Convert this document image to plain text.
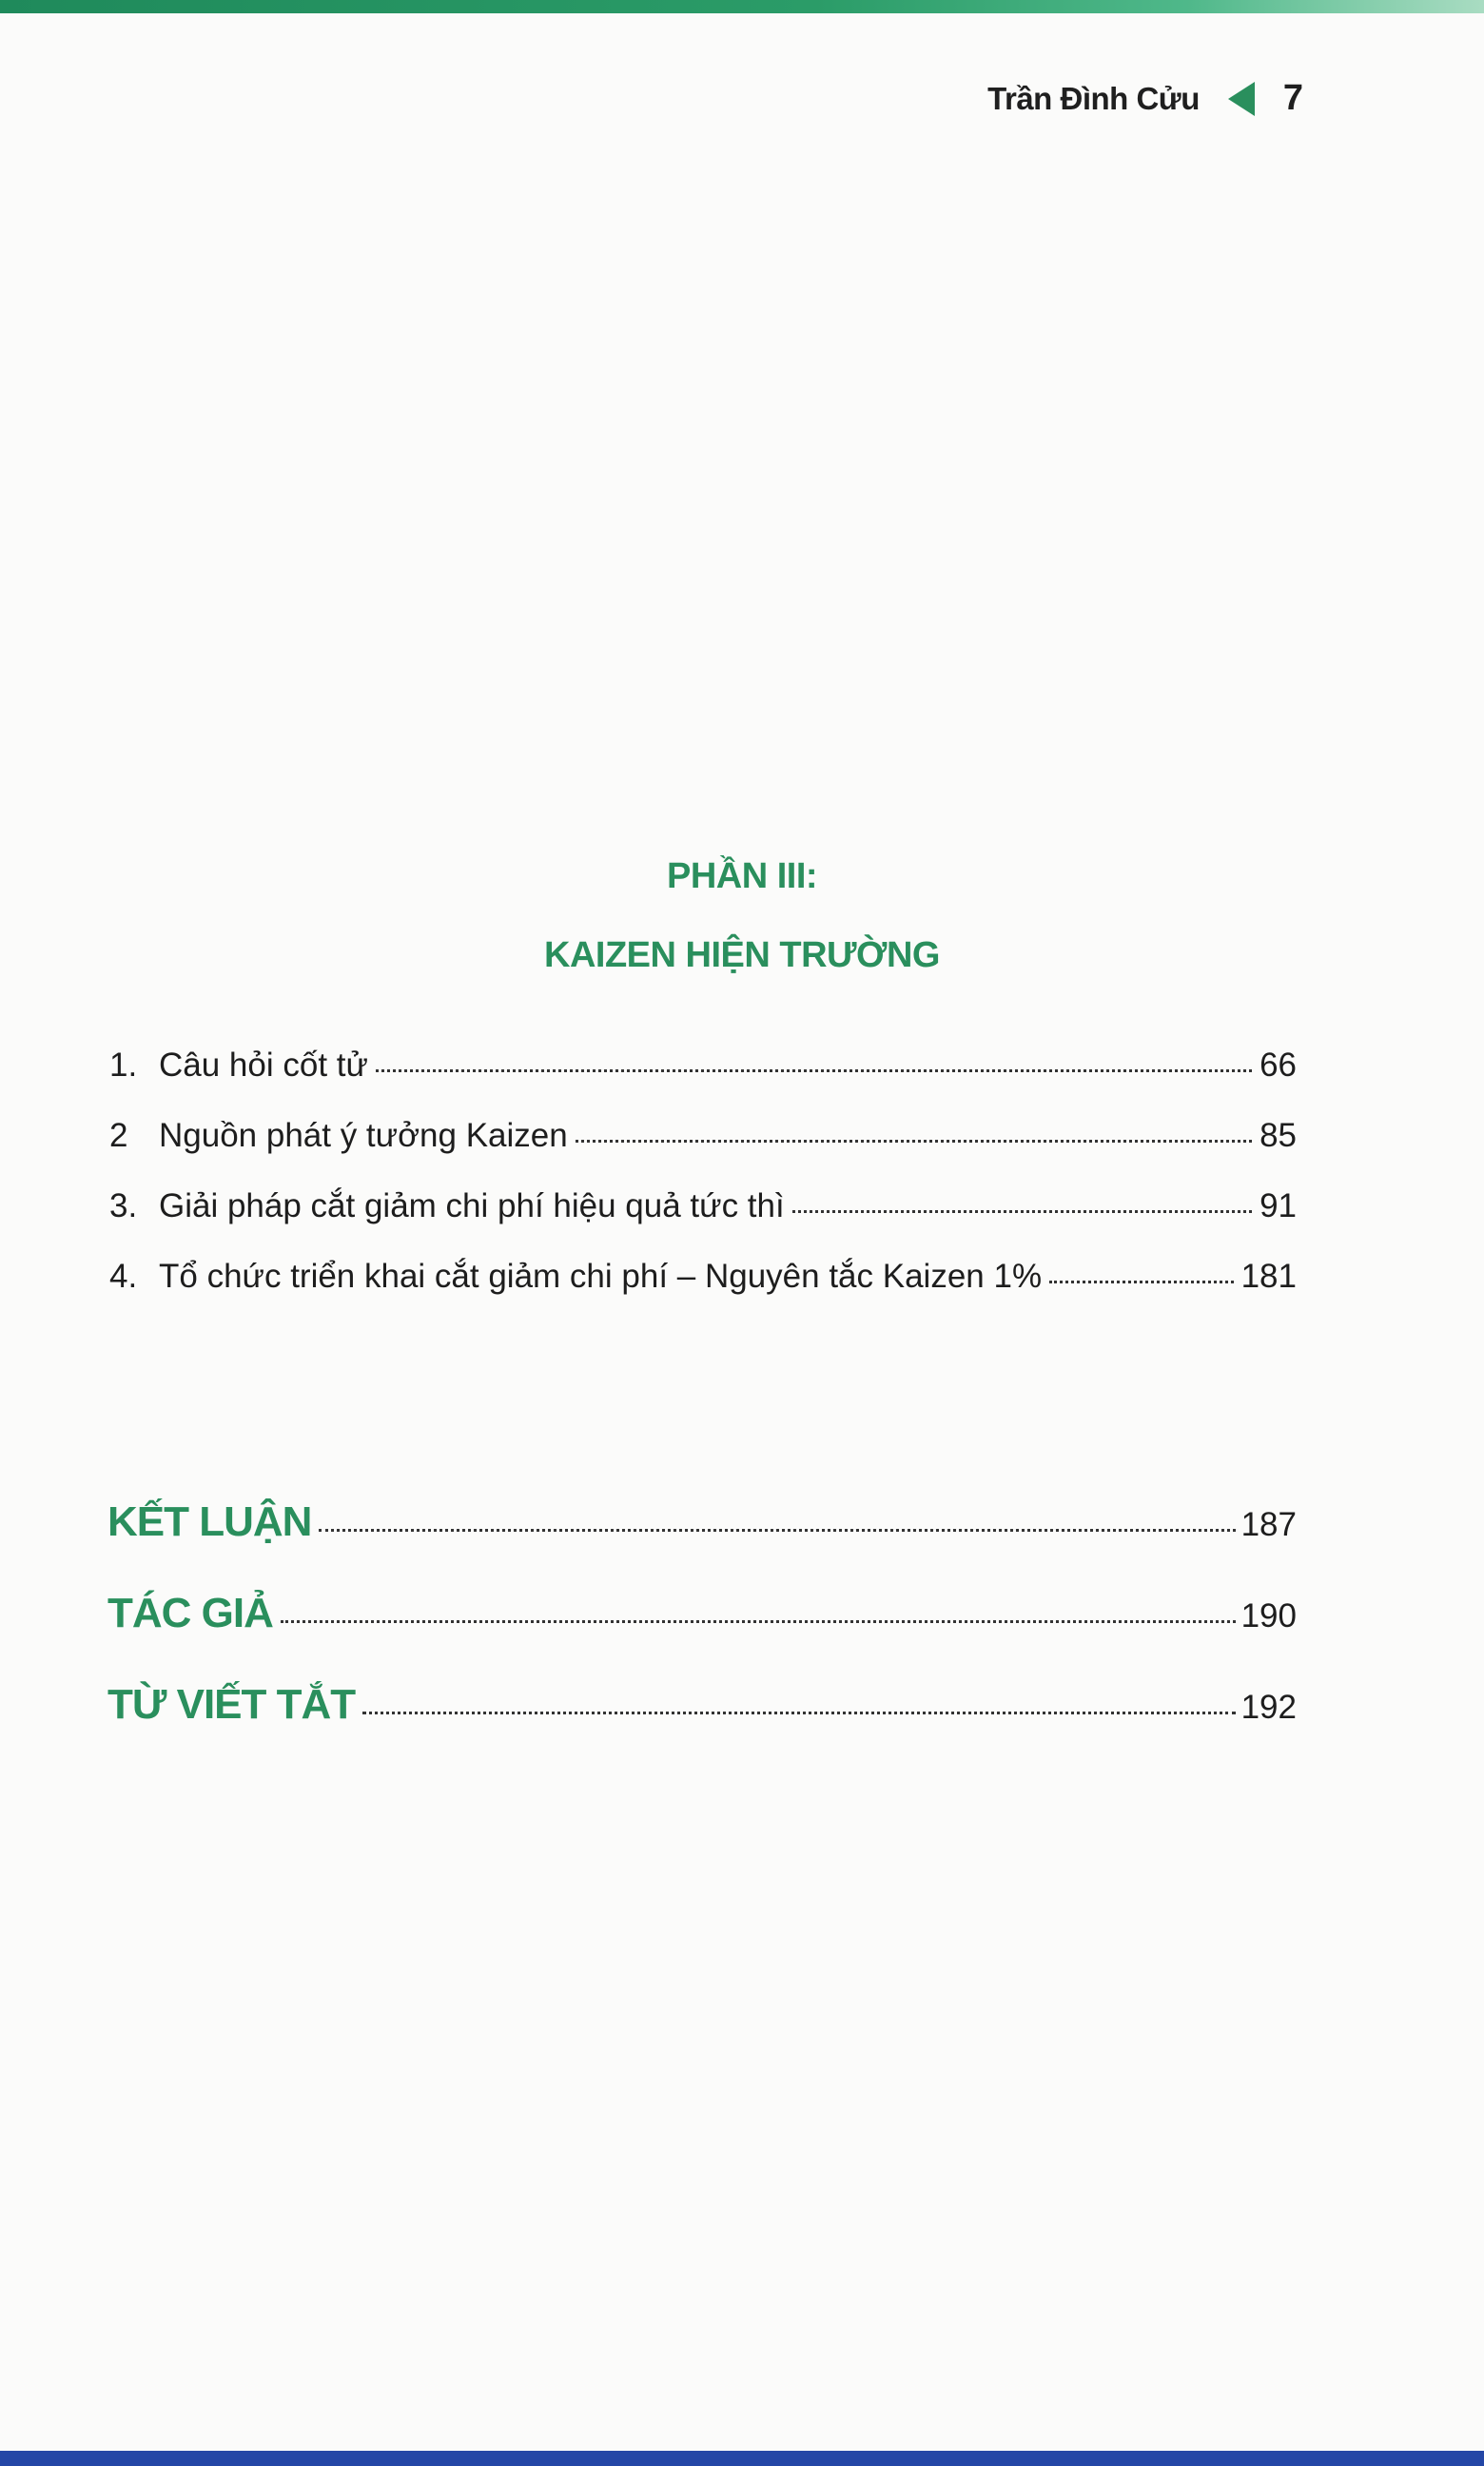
Trần Đình Cửu 7
PHẦN III:
KAIZEN HIỆN TRƯỜNG
1. Câu hỏi cốt tử	66
2 Nguồn phát ý tưởng Kaizen	85
3. Giải pháp cắt giảm chi phí hiệu quả tức thì	91
4. Tổ chức triển khai cắt giảm chi phí – Nguyên tắc Kaizen 1%	181
KẾT LUẬN	187
TÁC GIẢ	190
TỪ VIẾT TẮT	192
